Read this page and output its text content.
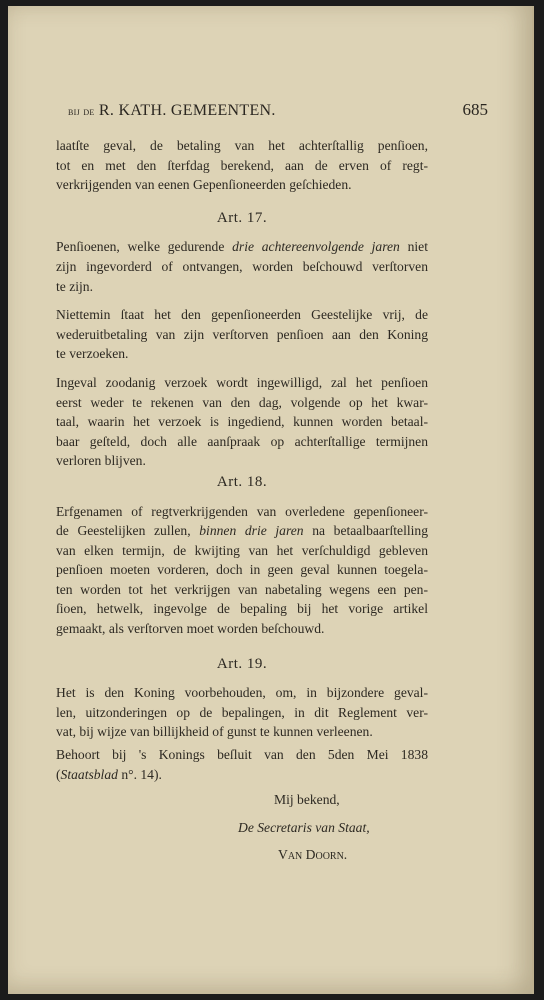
bij de R. KATH. GEMEENTEN.	685

laatſte geval, de betaling van het achterſtallig penſioen,
tot en met den ſterfdag berekend, aan de erven of regt-
verkrijgenden van eenen Gepenſioneerden geſchieden.

Art. 17.

Penſioenen, welke gedurende drie achtereenvolgende jaren niet
zijn ingevorderd of ontvangen, worden beſchouwd verſtorven
te zijn.

Niettemin ſtaat het den gepenſioneerden Geestelijke vrij, de
wederuitbetaling van zijn verſtorven penſioen aan den Koning
te verzoeken.

Ingeval zoodanig verzoek wordt ingewilligd, zal het penſioen
eerst weder te rekenen van den dag, volgende op het kwar-
taal, waarin het verzoek is ingediend, kunnen worden betaal-
baar geſteld, doch alle aanſpraak op achterſtallige termijnen
verloren blijven.

Art. 18.

Erfgenamen of regtverkrijgenden van overledene gepenſioneer-
de Geestelijken zullen, binnen drie jaren na betaalbaarſtelling
van elken termijn, de kwijting van het verſchuldigd gebleven
penſioen moeten vorderen, doch in geen geval kunnen toegela-
ten worden tot het verkrijgen van nabetaling wegens een pen-
ſioen, hetwelk, ingevolge de bepaling bij het vorige artikel
gemaakt, als verſtorven moet worden beſchouwd.

Art. 19.

Het is den Koning voorbehouden, om, in bijzondere geval-
len, uitzonderingen op de bepalingen, in dit Reglement ver-
vat, bij wijze van billijkheid of gunst te kunnen verleenen.

Behoort bij 's Konings beſluit van den 5den Mei 1838
(Staatsblad n°. 14).

Mij bekend,
De Secretaris van Staat,
Van Doorn.
